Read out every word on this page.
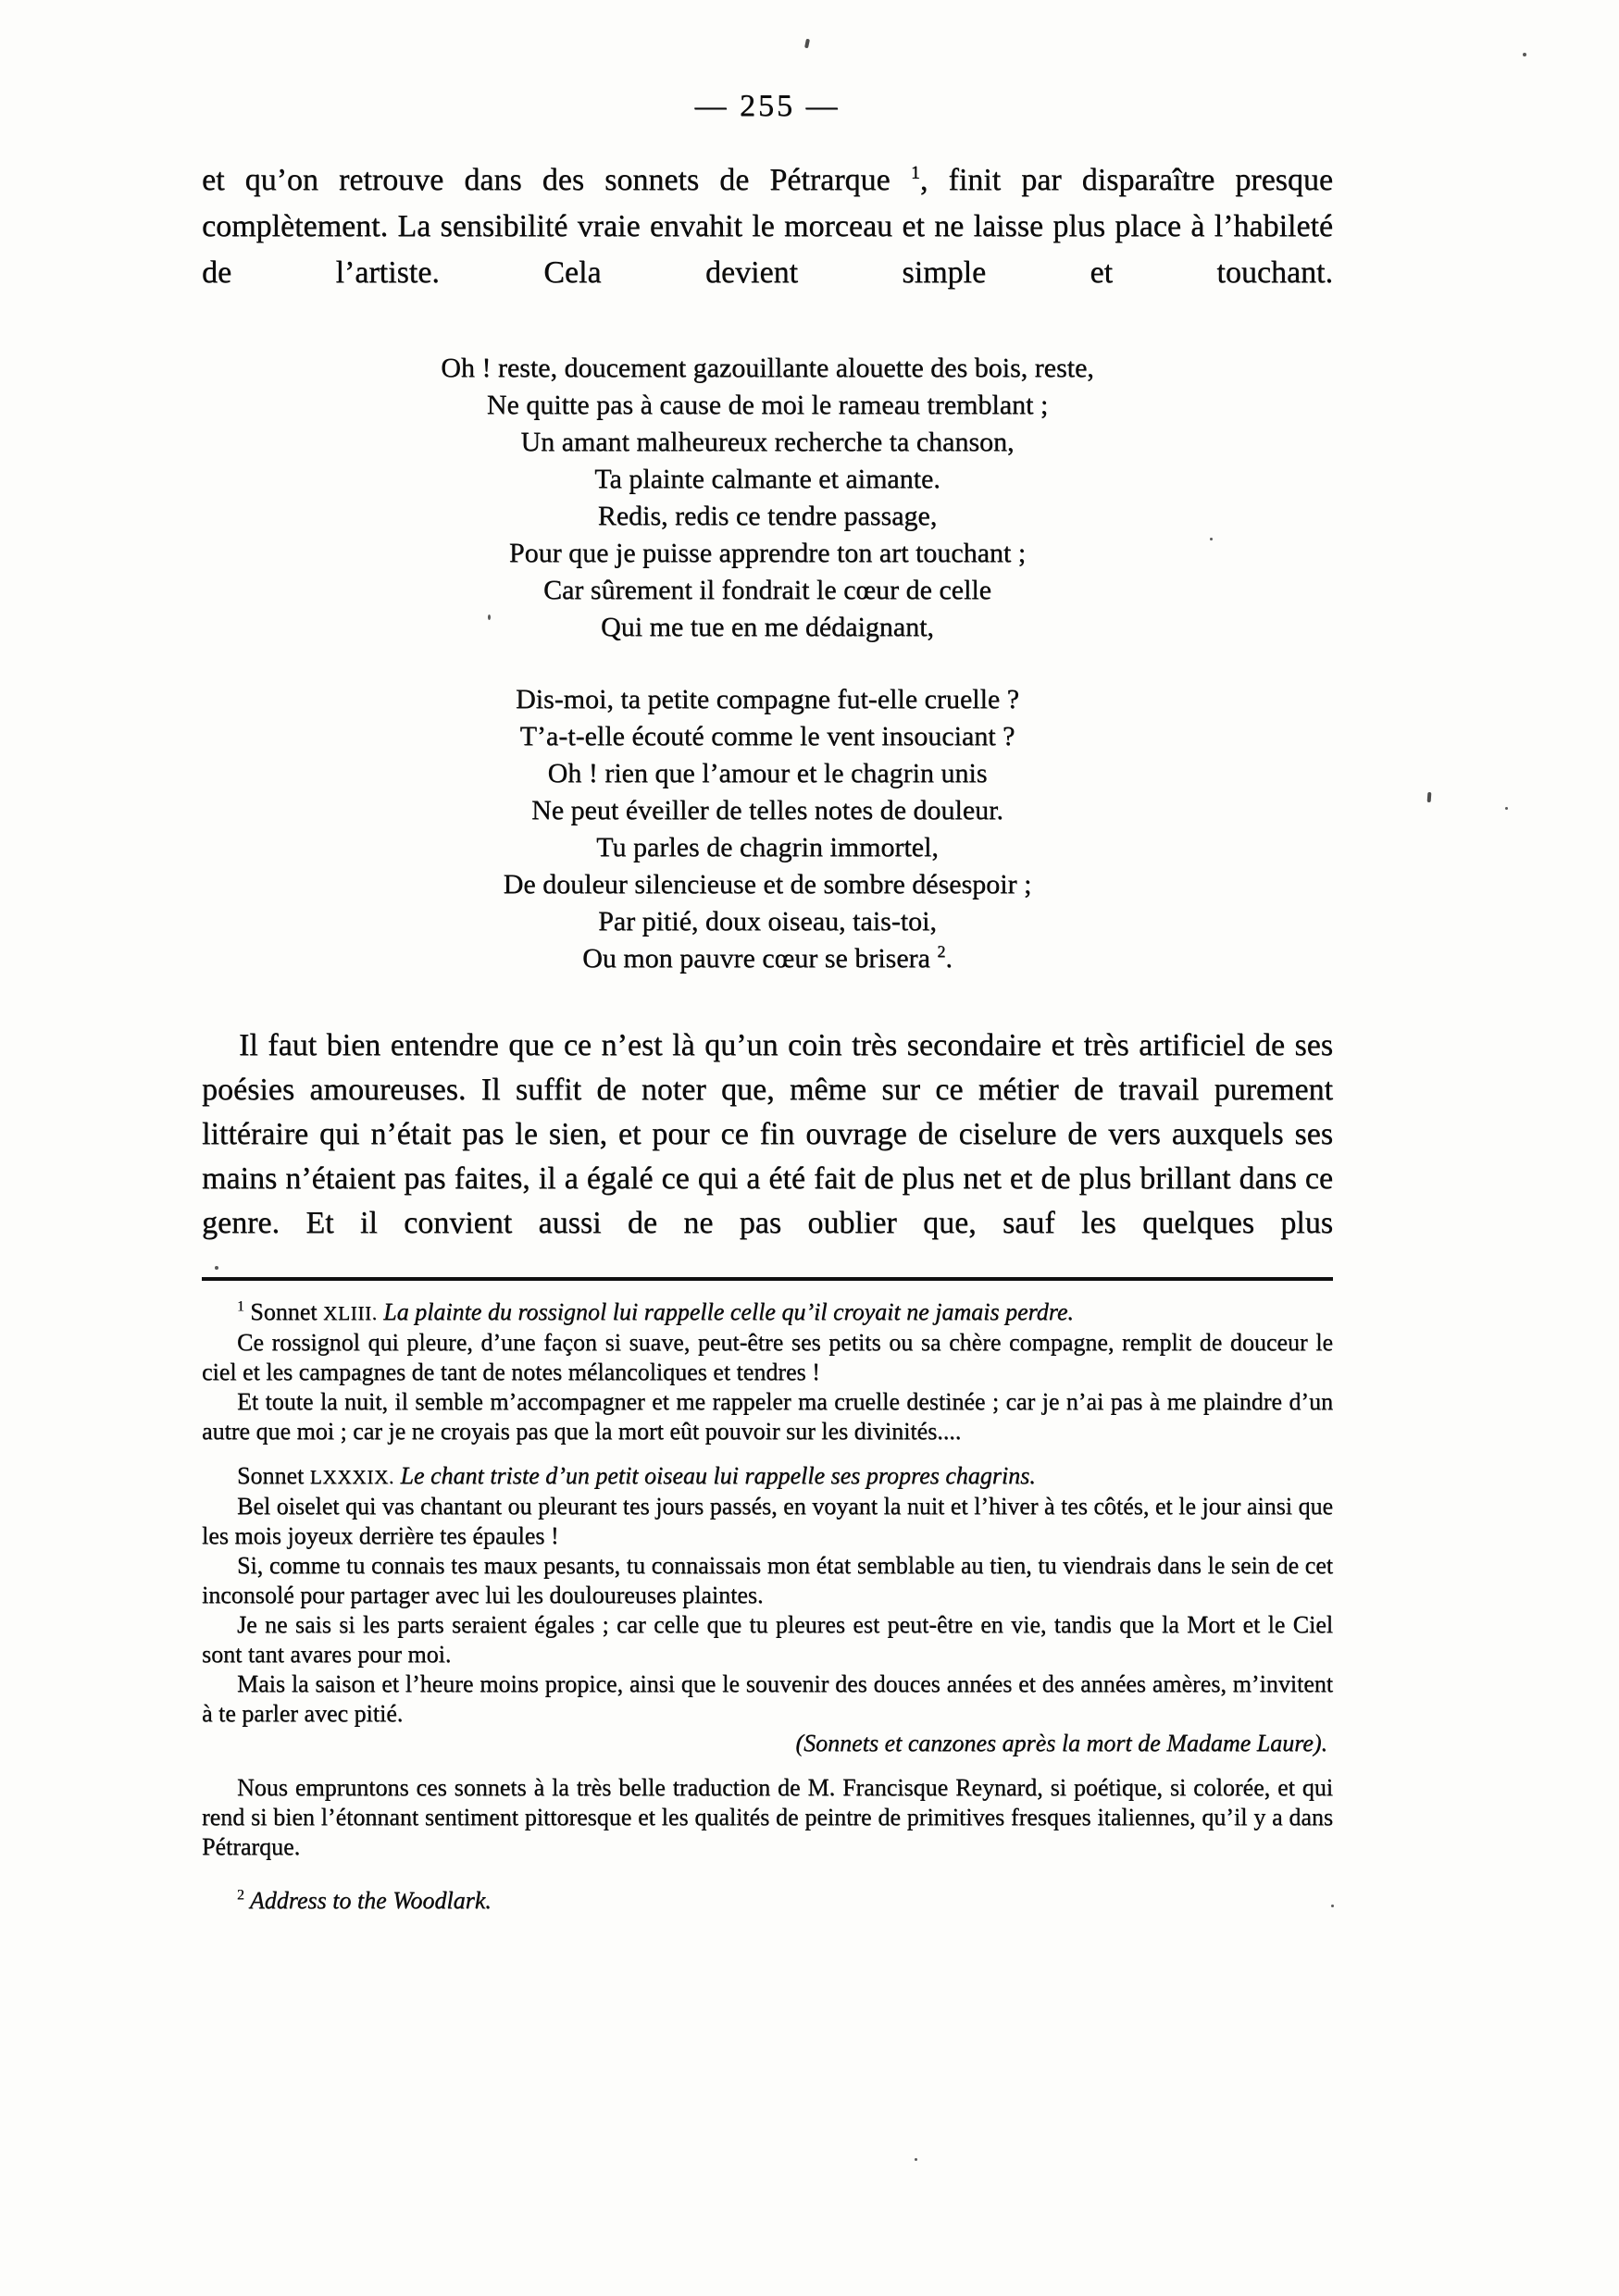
— 255 —

et qu’on retrouve dans des sonnets de Pétrarque $^1$, finit par disparaître presque complètement. La sensibilité vraie envahit le morceau et ne laisse plus place à l’habileté de l’artiste. Cela devient simple et touchant.

Oh ! reste, doucement gazouillante alouette des bois, reste,
Ne quitte pas à cause de moi le rameau tremblant ;
Un amant malheureux recherche ta chanson,
Ta plainte calmante et aimante.
Redis, redis ce tendre passage,
Pour que je puisse apprendre ton art touchant ;
Car sûrement il fondrait le cœur de celle
Qui me tue en me dédaignant,
Dis-moi, ta petite compagne fut-elle cruelle ?
T’a-t-elle écouté comme le vent insouciant ?
Oh ! rien que l’amour et le chagrin unis
Ne peut éveiller de telles notes de douleur.
Tu parles de chagrin immortel,
De douleur silencieuse et de sombre désespoir ;
Par pitié, doux oiseau, tais-toi,
Ou mon pauvre cœur se brisera $^2$.

Il faut bien entendre que ce n’est là qu’un coin très secondaire et très artificiel de ses poésies amoureuses. Il suffit de noter que, même sur ce métier de travail purement littéraire qui n’était pas le sien, et pour ce fin ouvrage de ciselure de vers auxquels ses mains n’étaient pas faites, il a égalé ce qui a été fait de plus net et de plus brillant dans ce genre. Et il convient aussi de ne pas oublier que, sauf les quelques plus

$^1$ Sonnet XLIII. La plainte du rossignol lui rappelle celle qu’il croyait ne jamais perdre.

Ce rossignol qui pleure, d’une façon si suave, peut-être ses petits ou sa chère compagne, remplit de douceur le ciel et les campagnes de tant de notes mélancoliques et tendres !

Et toute la nuit, il semble m’accompagner et me rappeler ma cruelle destinée ; car je n’ai pas à me plaindre d’un autre que moi ; car je ne croyais pas que la mort eût pouvoir sur les divinités....

Sonnet LXXXIX. Le chant triste d’un petit oiseau lui rappelle ses propres chagrins.

Bel oiselet qui vas chantant ou pleurant tes jours passés, en voyant la nuit et l’hiver à tes côtés, et le jour ainsi que les mois joyeux derrière tes épaules !

Si, comme tu connais tes maux pesants, tu connaissais mon état semblable au tien, tu viendrais dans le sein de cet inconsolé pour partager avec lui les douloureuses plaintes.

Je ne sais si les parts seraient égales ; car celle que tu pleures est peut-être en vie, tandis que la Mort et le Ciel sont tant avares pour moi.

Mais la saison et l’heure moins propice, ainsi que le souvenir des douces années et des années amères, m’invitent à te parler avec pitié.

(Sonnets et canzones après la mort de Madame Laure).

Nous empruntons ces sonnets à la très belle traduction de M. Francisque Reynard, si poétique, si colorée, et qui rend si bien l’étonnant sentiment pittoresque et les qualités de peintre de primitives fresques italiennes, qu’il y a dans Pétrarque.

$^2$ Address to the Woodlark.
